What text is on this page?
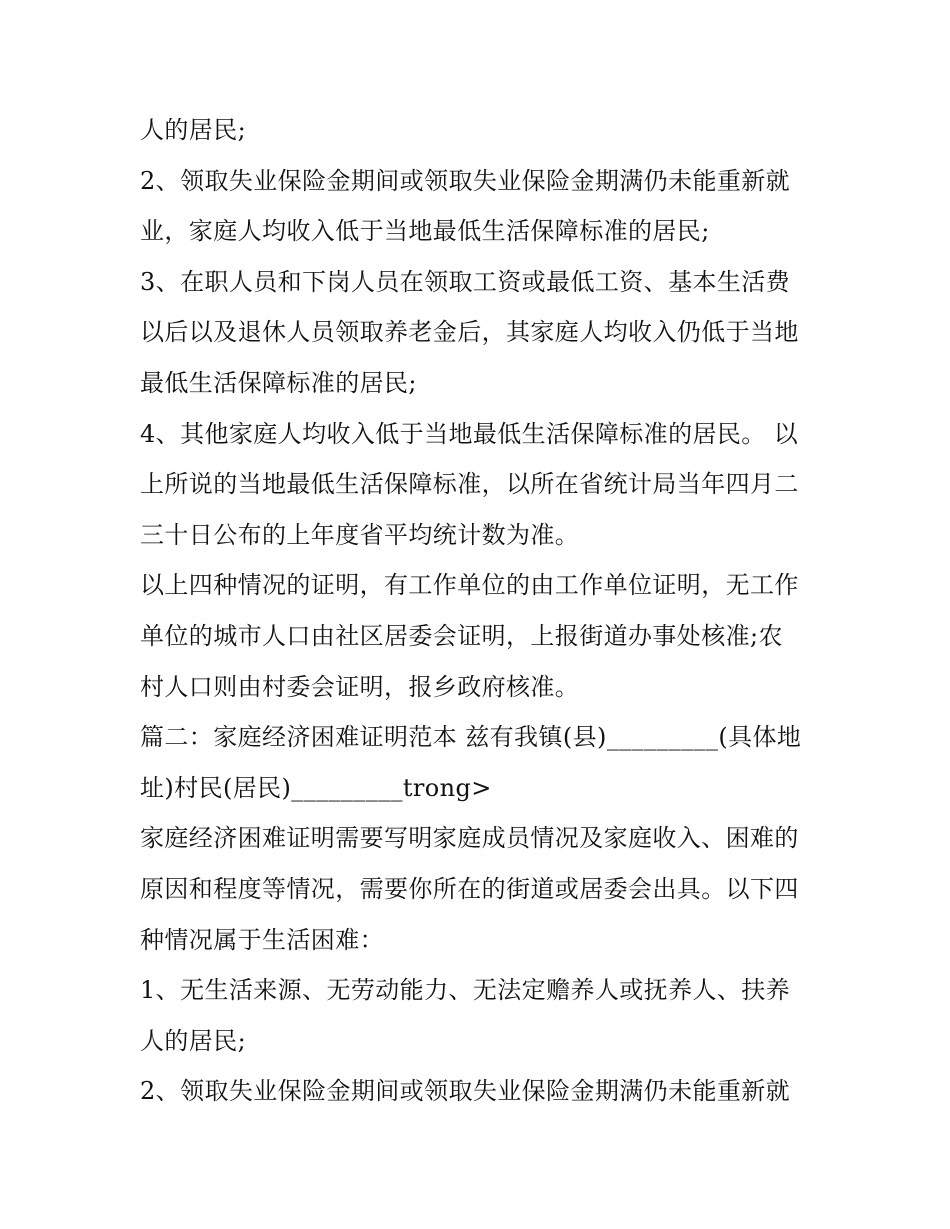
人的居民;
2、领取失业保险金期间或领取失业保险金期满仍未能重新就
业，家庭人均收入低于当地最低生活保障标准的居民;
3、在职人员和下岗人员在领取工资或最低工资、基本生活费
以后以及退休人员领取养老金后，其家庭人均收入仍低于当地
最低生活保障标准的居民;
4、其他家庭人均收入低于当地最低生活保障标准的居民。 以
上所说的当地最低生活保障标准，以所在省统计局当年四月二
三十日公布的上年度省平均统计数为准。
以上四种情况的证明，有工作单位的由工作单位证明，无工作
单位的城市人口由社区居委会证明，上报街道办事处核准;农
村人口则由村委会证明，报乡政府核准。
篇二：家庭经济困难证明范本 兹有我镇(县)_________(具体地
址)村民(居民)_________trong>
家庭经济困难证明需要写明家庭成员情况及家庭收入、困难的
原因和程度等情况，需要你所在的街道或居委会出具。以下四
种情况属于生活困难：
1、无生活来源、无劳动能力、无法定赡养人或抚养人、扶养
人的居民;
2、领取失业保险金期间或领取失业保险金期满仍未能重新就
